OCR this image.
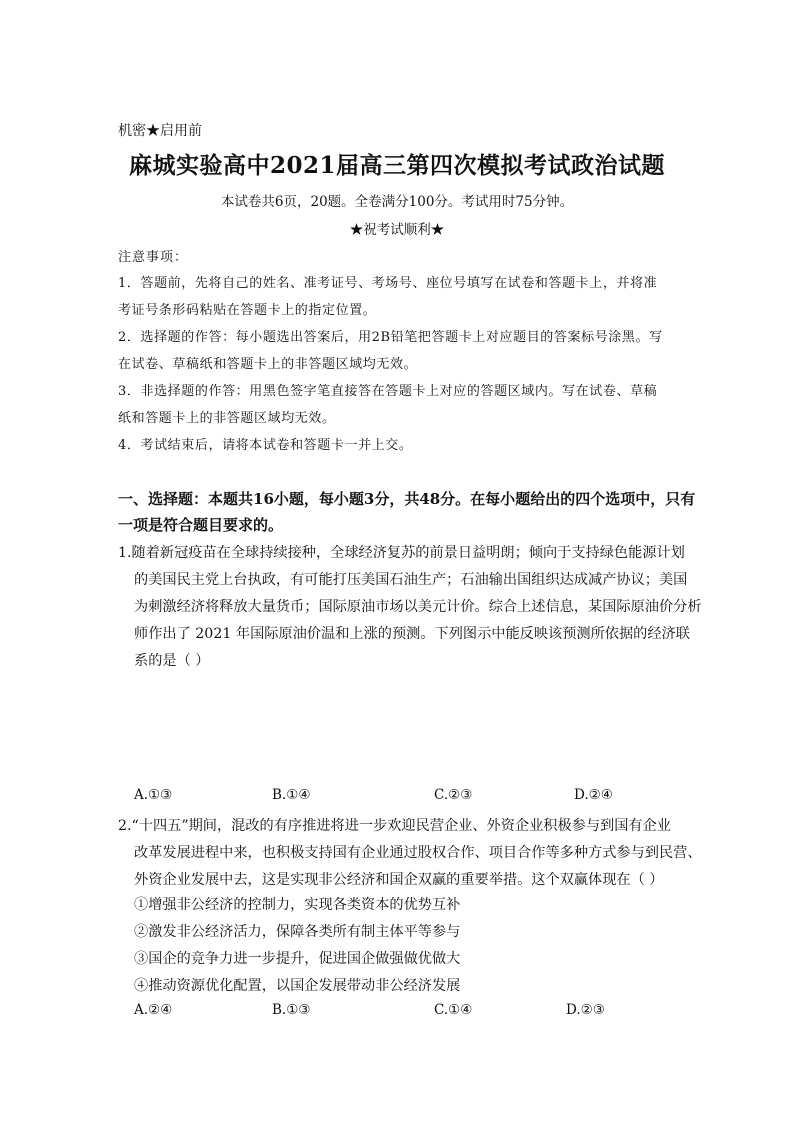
机密★启用前
麻城实验高中2021届高三第四次模拟考试政治试题
本试卷共6页，20题。全卷满分100分。考试用时75分钟。
★祝考试顺利★
注意事项：
1．答题前，先将自己的姓名、准考证号、考场号、座位号填写在试卷和答题卡上，并将准
考证号条形码粘贴在答题卡上的指定位置。
2．选择题的作答：每小题选出答案后，用2B铅笔把答题卡上对应题目的答案标号涂黑。写
在试卷、草稿纸和答题卡上的非答题区域均无效。
3．非选择题的作答：用黑色签字笔直接答在答题卡上对应的答题区域内。写在试卷、草稿
纸和答题卡上的非答题区域均无效。
4．考试结束后，请将本试卷和答题卡一并上交。
一、选择题：本题共16小题，每小题3分，共48分。在每小题给出的四个选项中，只有
一项是符合题目要求的。
1.随着新冠疫苗在全球持续接种，全球经济复苏的前景日益明朗；倾向于支持绿色能源计划
的美国民主党上台执政，有可能打压美国石油生产；石油输出国组织达成减产协议；美国
为刺激经济将释放大量货币；国际原油市场以美元计价。综合上述信息，某国际原油价分析
师作出了 2021 年国际原油价温和上涨的预测。下列图示中能反映该预测所依据的经济联
系的是（ ）
A.①③	B.①④	C.②③	D.②④
2.“十四五”期间，混改的有序推进将进一步欢迎民营企业、外资企业积极参与到国有企业
改革发展进程中来，也积极支持国有企业通过股权合作、项目合作等多种方式参与到民营、
外资企业发展中去，这是实现非公经济和国企双赢的重要举措。这个双赢体现在（ ）
①增强非公经济的控制力，实现各类资本的优势互补
②激发非公经济活力，保障各类所有制主体平等参与
③国企的竞争力进一步提升，促进国企做强做优做大
④推动资源优化配置，以国企发展带动非公经济发展
A.②④	B.①③	C.①④	D.②③
